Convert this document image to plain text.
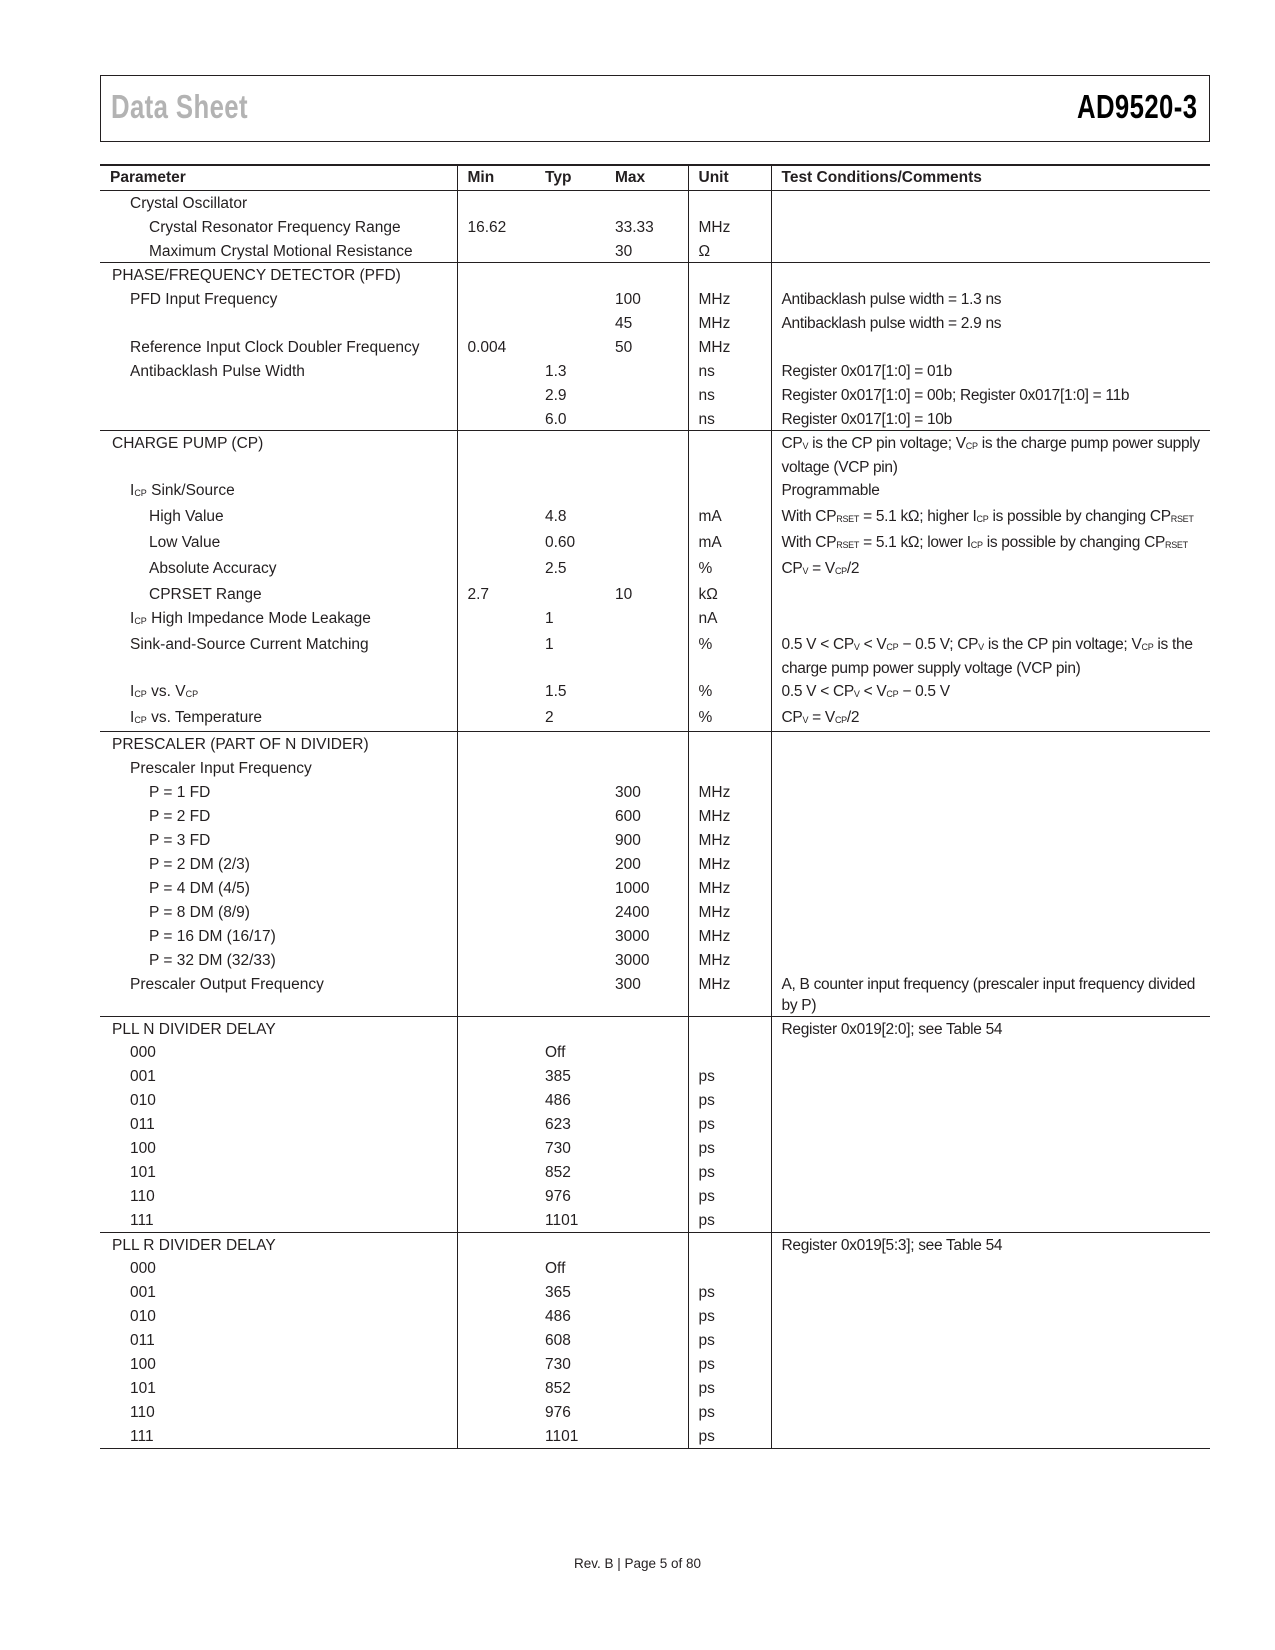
Data Sheet	AD9520-3
Parameter	Min	Typ	Max	Unit	Test Conditions/Comments
Crystal Oscillator					
Crystal Resonator Frequency Range	16.62		33.33	MHz	
Maximum Crystal Motional Resistance			30	Ω	
PHASE/FREQUENCY DETECTOR (PFD)					
PFD Input Frequency			100	MHz	Antibacklash pulse width = 1.3 ns
			45	MHz	Antibacklash pulse width = 2.9 ns
Reference Input Clock Doubler Frequency	0.004		50	MHz	
Antibacklash Pulse Width		1.3		ns	Register 0x017[1:0] = 01b
		2.9		ns	Register 0x017[1:0] = 00b; Register 0x017[1:0] = 11b
		6.0		ns	Register 0x017[1:0] = 10b
CHARGE PUMP (CP)					$CP_V$ is the CP pin voltage; $V_{CP}$ is the charge pump power supply voltage (VCP pin)
$I_{CP}$ Sink/Source					Programmable
High Value		4.8		mA	With $CP_{RSET} = 5.1$ kΩ; higher $I_{CP}$ is possible by changing $CP_{RSET}$
Low Value		0.60		mA	With $CP_{RSET} = 5.1$ kΩ; lower $I_{CP}$ is possible by changing $CP_{RSET}$
Absolute Accuracy		2.5		%	$CP_V = V_{CP}/2$
CPRSET Range	2.7		10	kΩ	
$I_{CP}$ High Impedance Mode Leakage		1		nA	
Sink-and-Source Current Matching		1		%	0.5 $V < CP_V < V_{CP} - 0.5$ V; $CP_V$ is the CP pin voltage; $V_{CP}$ is the charge pump power supply voltage (VCP pin)
$I_{CP}$ vs. $V_{CP}$		1.5		%	0.5 $V < CP_V < V_{CP} - 0.5$ V
$I_{CP}$ vs. Temperature		2		%	$CP_V = V_{CP}/2$
PRESCALER (PART OF N DIVIDER)					
Prescaler Input Frequency					
P = 1 FD			300	MHz	
P = 2 FD			600	MHz	
P = 3 FD			900	MHz	
P = 2 DM (2/3)			200	MHz	
P = 4 DM (4/5)			1000	MHz	
P = 8 DM (8/9)			2400	MHz	
P = 16 DM (16/17)			3000	MHz	
P = 32 DM (32/33)			3000	MHz	
Prescaler Output Frequency			300	MHz	A, B counter input frequency (prescaler input frequency divided by P)
PLL N DIVIDER DELAY					Register 0x019[2:0]; see Table 54
000		Off			
001		385		ps	
010		486		ps	
011		623		ps	
100		730		ps	
101		852		ps	
110		976		ps	
111		1101		ps	
PLL R DIVIDER DELAY					Register 0x019[5:3]; see Table 54
000		Off			
001		365		ps	
010		486		ps	
011		608		ps	
100		730		ps	
101		852		ps	
110		976		ps	
111		1101		ps	
Rev. B | Page 5 of 80
